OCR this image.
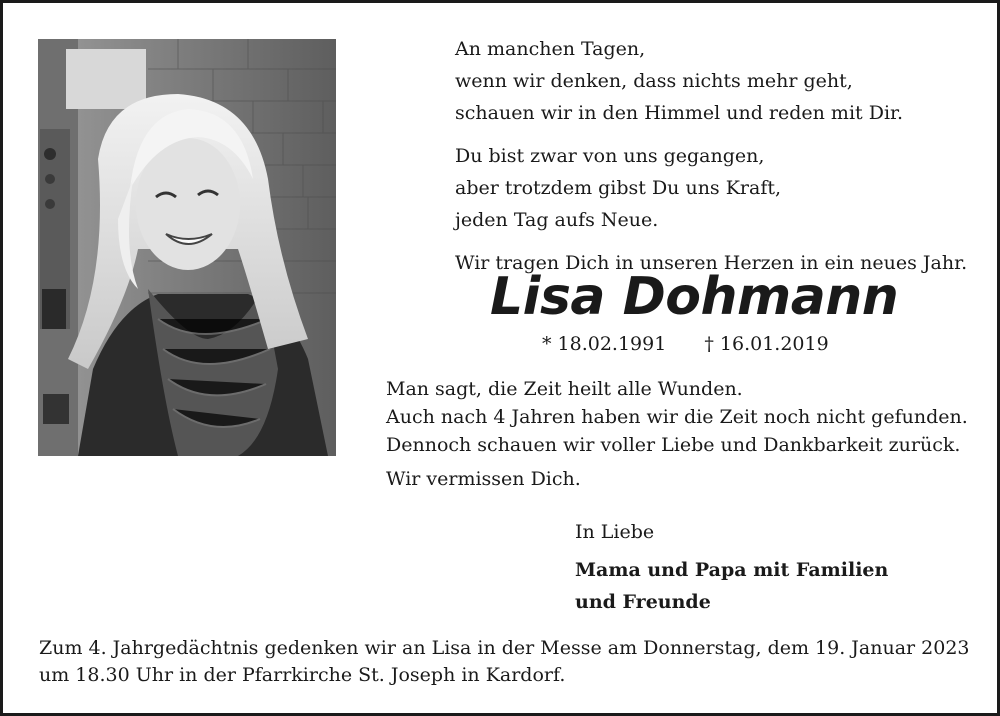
An manchen Tagen,
wenn wir denken, dass nichts mehr geht,
schauen wir in den Himmel und reden mit Dir.
Du bist zwar von uns gegangen,
aber trotzdem gibst Du uns Kraft,
jeden Tag aufs Neue.
Wir tragen Dich in unseren Herzen in ein neues Jahr.
Lisa Dohmann
* 18.02.1991 † 16.01.2019
Man sagt, die Zeit heilt alle Wunden.
Auch nach 4 Jahren haben wir die Zeit noch nicht gefunden.
Dennoch schauen wir voller Liebe und Dankbarkeit zurück.
Wir vermissen Dich.
In Liebe
Mama und Papa mit Familien
und Freunde
Zum 4. Jahrgedächtnis gedenken wir an Lisa in der Messe am Donnerstag, dem 19. Januar 2023
um 18.30 Uhr in der Pfarrkirche St. Joseph in Kardorf.
